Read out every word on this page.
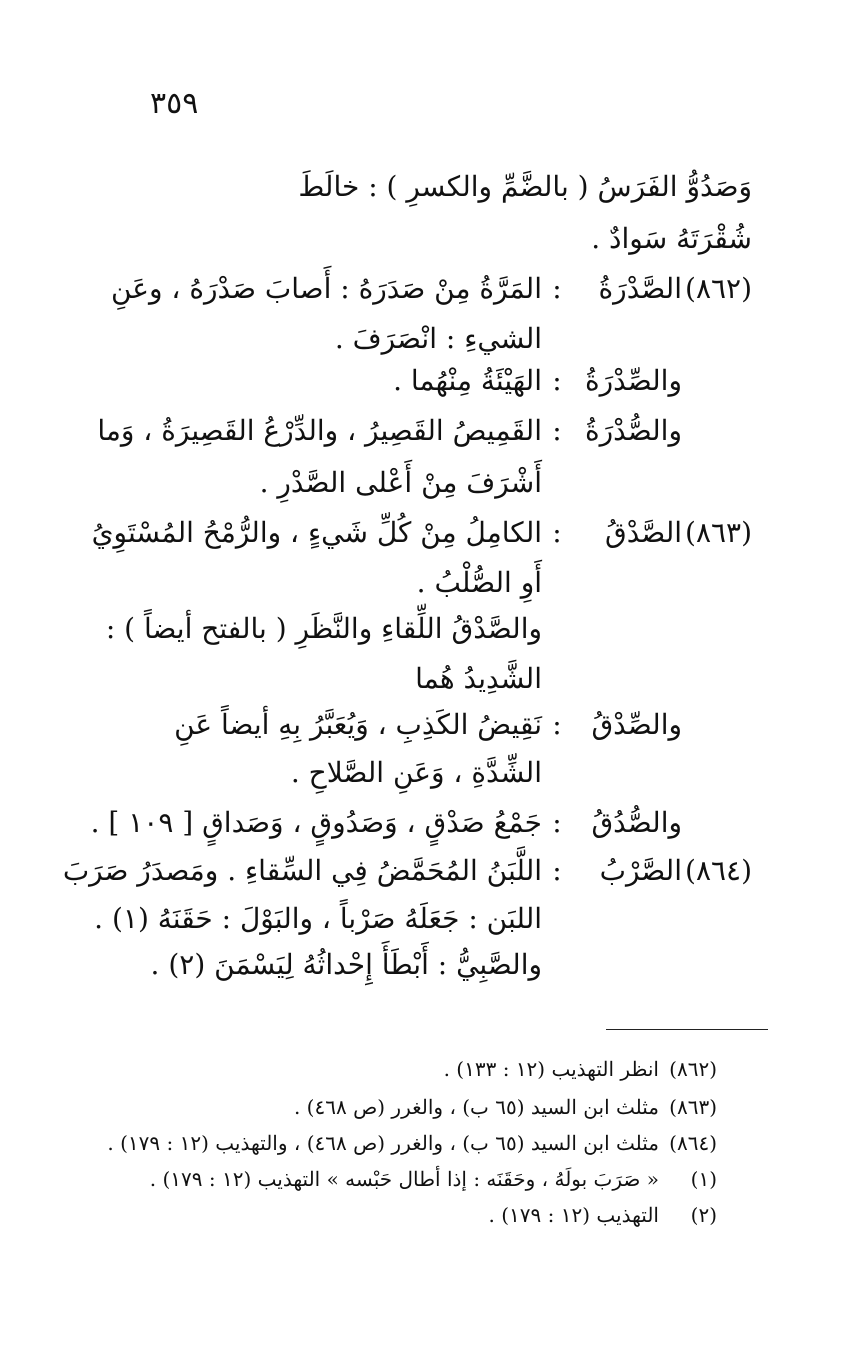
٣٥٩
وَصَدُوُّ الفَرَسُ ( بالضَّمِّ والكسرِ ) : خالَطَ
شُقْرَتَهُ سَوادٌ .
(٨٦٢)الصَّدْرَةُ:المَرَّةُ مِنْ صَدَرَهُ : أَصابَ صَدْرَهُ ، وعَنِ
الشيءِ : انْصَرَفَ .
والصِّدْرَةُ:الهَيْئَةُ مِنْهُما .
والصُّدْرَةُ:القَمِيصُ القَصِيرُ ، والدِّرْعُ القَصِيرَةُ ، وَما
أَشْرَفَ مِنْ أَعْلى الصَّدْرِ .
(٨٦٣)الصَّدْقُ:الكامِلُ مِنْ كُلِّ شَيءٍ ، والرُّمْحُ المُسْتَوِيُ
أَوِ الصُّلْبُ .
والصَّدْقُ اللِّقاءِ والنَّظَرِ ( بالفتح أيضاً ) :
الشَّدِيدُ هُما
والصِّدْقُ:نَقِيضُ الكَذِبِ ، وَيُعَبَّرُ بِهِ أيضاً عَنِ
الشِّدَّةِ ، وَعَنِ الصَّلاحِ .
والصُّدُقُ:جَمْعُ صَدْقٍ ، وَصَدُوقٍ ، وَصَداقٍ [ ١٠٩ ] .
(٨٦٤)الصَّرْبُ:اللَّبَنُ المُحَمَّضُ فِي السِّقاءِ . ومَصدَرُ صَرَبَ
اللبَن : جَعَلَهُ صَرْباً ، والبَوْلَ : حَقَنَهُ (١) .
والصَّبِيُّ : أَبْطَأَ إِحْداثُهُ لِيَسْمَنَ (٢) .
(٨٦٢)انظر التهذيب (١٢ : ١٣٣) .
(٨٦٣)مثلث ابن السيد (٦٥ ب) ، والغرر (ص ٤٦٨) .
(٨٦٤)مثلث ابن السيد (٦٥ ب) ، والغرر (ص ٤٦٨) ، والتهذيب (١٢ : ١٧٩) .
(١)« صَرَبَ بولَهُ ، وحَقَنَه : إذا أطال حَبْسه » التهذيب (١٢ : ١٧٩) .
(٢)التهذيب (١٢ : ١٧٩) .
